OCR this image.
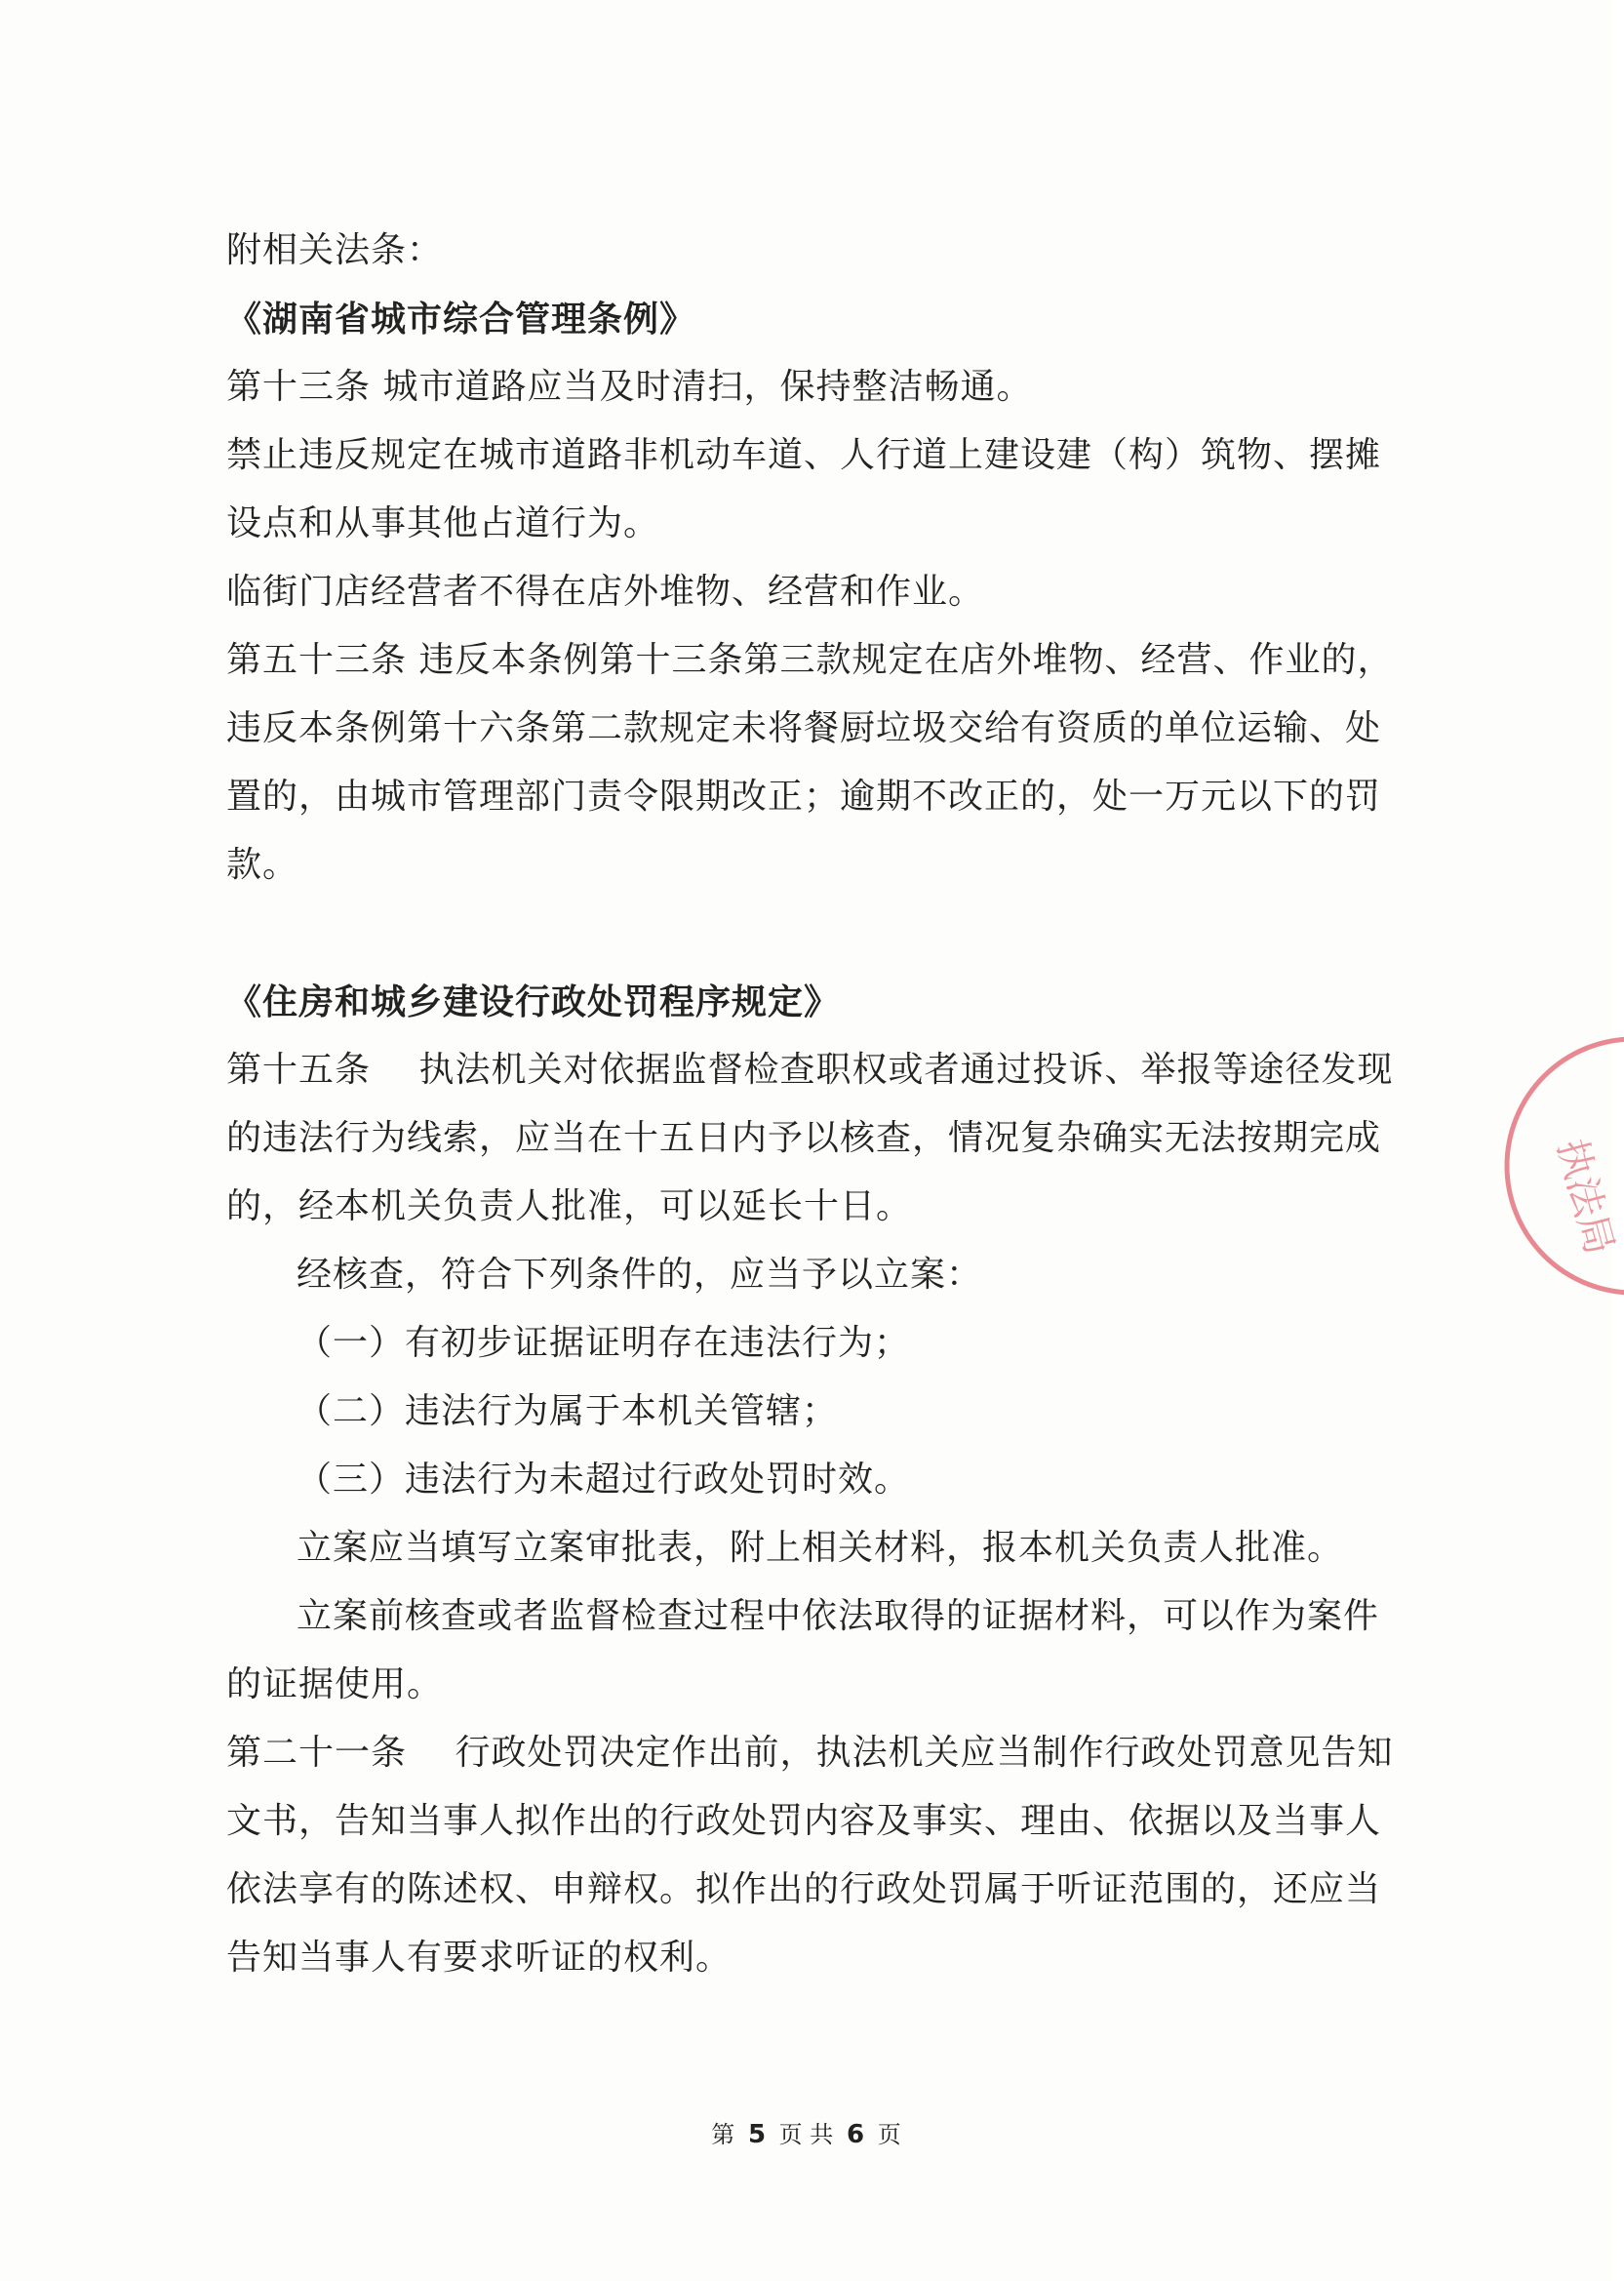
附相关法条：
《湖南省城市综合管理条例》
第十三条 城市道路应当及时清扫，保持整洁畅通。
禁止违反规定在城市道路非机动车道、人行道上建设建（构）筑物、摆摊
设点和从事其他占道行为。
临街门店经营者不得在店外堆物、经营和作业。
第五十三条 违反本条例第十三条第三款规定在店外堆物、经营、作业的，
违反本条例第十六条第二款规定未将餐厨垃圾交给有资质的单位运输、处
置的，由城市管理部门责令限期改正；逾期不改正的，处一万元以下的罚
款。
《住房和城乡建设行政处罚程序规定》
第十五条　 执法机关对依据监督检查职权或者通过投诉、举报等途径发现
的违法行为线索，应当在十五日内予以核查，情况复杂确实无法按期完成
的，经本机关负责人批准，可以延长十日。
经核查，符合下列条件的，应当予以立案：
（一）有初步证据证明存在违法行为；
（二）违法行为属于本机关管辖；
（三）违法行为未超过行政处罚时效。
立案应当填写立案审批表，附上相关材料，报本机关负责人批准。
立案前核查或者监督检查过程中依法取得的证据材料，可以作为案件
的证据使用。
第二十一条　 行政处罚决定作出前，执法机关应当制作行政处罚意见告知
文书，告知当事人拟作出的行政处罚内容及事实、理由、依据以及当事人
依法享有的陈述权、申辩权。拟作出的行政处罚属于听证范围的，还应当
告知当事人有要求听证的权利。
执法局
第 5 页 共 6 页
